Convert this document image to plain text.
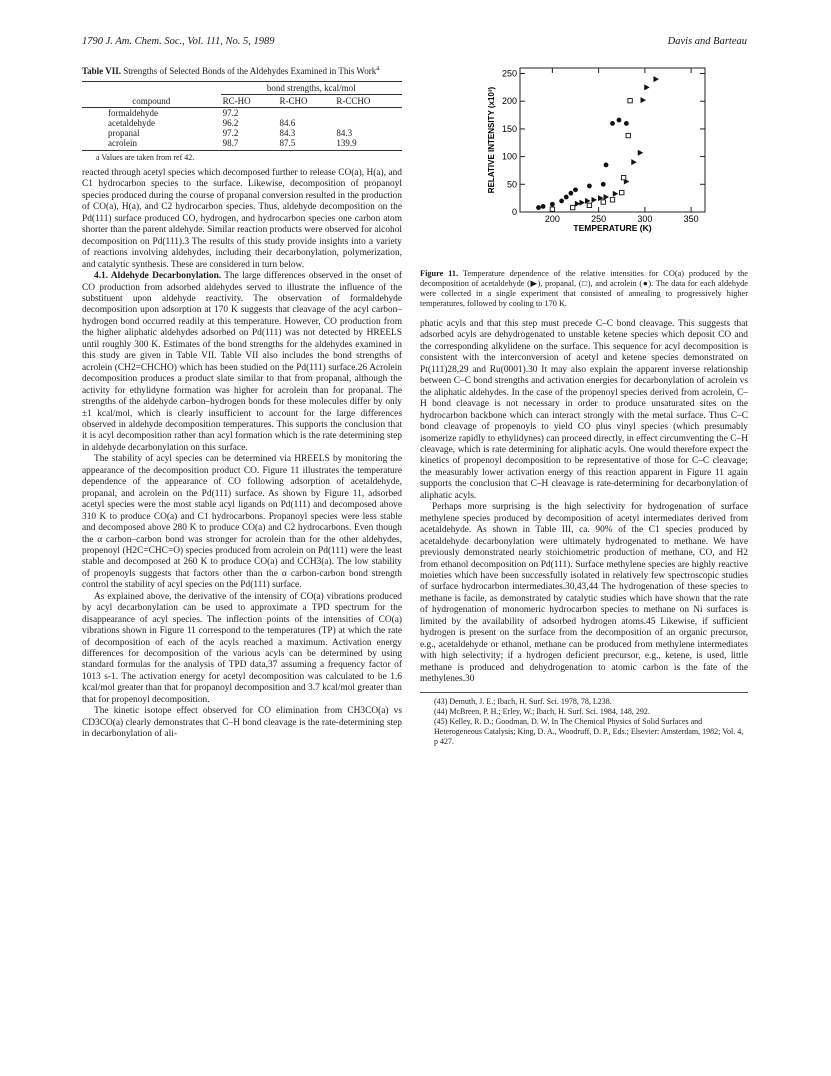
1790 J. Am. Chem. Soc., Vol. 111, No. 5, 1989	Davis and Barteau
Table VII. Strengths of Selected Bonds of the Aldehydes Examined in This Work$^a$
	bond strengths, kcal/mol		
compound	RC-HO	R-CHO	R-CCHO
formaldehyde	97.2		
acetaldehyde	96.2	84.6	
propanal	97.2	84.3	84.3
acrolein	98.7	87.5	139.9

a Values are taken from ref 42.

reacted through acetyl species which decomposed further to release CO(a), H(a), and C1 hydrocarbon species to the surface. Likewise, decomposition of propanoyl species produced during the course of propanal conversion resulted in the production of CO(a), H(a), and C2 hydrocarbon species. Thus, aldehyde decomposition on the Pd(111) surface produced CO, hydrogen, and hydrocarbon species one carbon atom shorter than the parent aldehyde. Similar reaction products were observed for alcohol decomposition on Pd(111).3 The results of this study provide insights into a variety of reactions involving aldehydes, including their decarbonylation, polymerization, and catalytic synthesis. These are considered in turn below.

4.1. Aldehyde Decarbonylation. The large differences observed in the onset of CO production from adsorbed aldehydes served to illustrate the influence of the substituent upon aldehyde reactivity. The observation of formaldehyde decomposition upon adsorption at 170 K suggests that cleavage of the acyl carbon–hydrogen bond occurred readily at this temperature. However, CO production from the higher aliphatic aldehydes adsorbed on Pd(111) was not detected by HREELS until roughly 300 K. Estimates of the bond strengths for the aldehydes examined in this study are given in Table VII. Table VII also includes the bond strengths of acrolein (CH2=CHCHO) which has been studied on the Pd(111) surface.26 Acrolein decomposition produces a product slate similar to that from propanal, although the activity for ethylidyne formation was higher for acrolein than for propanal. The strengths of the aldehyde carbon–hydrogen bonds for these molecules differ by only ±1 kcal/mol, which is clearly insufficient to account for the large differences observed in aldehyde decomposition temperatures. This supports the conclusion that it is acyl decomposition rather than acyl formation which is the rate determining step in aldehyde decarbonylation on this surface.

The stability of acyl species can be determined via HREELS by monitoring the appearance of the decomposition product CO. Figure 11 illustrates the temperature dependence of the appearance of CO following adsorption of acetaldehyde, propanal, and acrolein on the Pd(111) surface. As shown by Figure 11, adsorbed acetyl species were the most stable acyl ligands on Pd(111) and decomposed above 310 K to produce CO(a) and C1 hydrocarbons. Propanoyl species were less stable and decomposed above 280 K to produce CO(a) and C2 hydrocarbons. Even though the α carbon–carbon bond was stronger for acrolein than for the other aldehydes, propenoyl (H2C=CHC=O) species produced from acrolein on Pd(111) were the least stable and decomposed at 260 K to produce CO(a) and CCH3(a). The low stability of propenoyls suggests that factors other than the α carbon-carbon bond strength control the stability of acyl species on the Pd(111) surface.

As explained above, the derivative of the intensity of CO(a) vibrations produced by acyl decarbonylation can be used to approximate a TPD spectrum for the disappearance of acyl species. The inflection points of the intensities of CO(a) vibrations shown in Figure 11 correspond to the temperatures (TP) at which the rate of decomposition of each of the acyls reached a maximum. Activation energy differences for decomposition of the various acyls can be determined by using standard formulas for the analysis of TPD data,37 assuming a frequency factor of 1013 s-1. The activation energy for acetyl decomposition was calculated to be 1.6 kcal/mol greater than that for propanoyl decomposition and 3.7 kcal/mol greater than that for propenoyl decomposition.

The kinetic isotope effect observed for CO elimination from CH3CO(a) vs CD3CO(a) clearly demonstrates that C–H bond cleavage is the rate-determining step in decarbonylation of ali-

200	250	300	350
0
50
100
150
200
250
TEMPERATURE (K)
RELATIVE INTENSITY (x10³)
Figure 11. Temperature dependence of the relative intensities for CO(a) produced by the decomposition of acetaldehyde (▶), propanal, (□), and acrolein (●). The data for each aldehyde were collected in a single experiment that consisted of annealing to progressively higher temperatures, followed by cooling to 170 K.

phatic acyls and that this step must precede C–C bond cleavage. This suggests that adsorbed acyls are dehydrogenated to unstable ketene species which deposit CO and the corresponding alkylidene on the surface. This sequence for acyl decomposition is consistent with the interconversion of acetyl and ketene species demonstrated on Pt(111)28,29 and Ru(0001).30 It may also explain the apparent inverse relationship between C–C bond strengths and activation energies for decarbonylation of acrolein vs the aliphatic aldehydes. In the case of the propenoyl species derived from acrolein, C–H bond cleavage is not necessary in order to produce unsaturated sites on the hydrocarbon backbone which can interact strongly with the metal surface. Thus C–C bond cleavage of propenoyls to yield CO plus vinyl species (which presumably isomerize rapidly to ethylidynes) can proceed directly, in effect circumventing the C–H cleavage, which is rate determining for aliphatic acyls. One would therefore expect the kinetics of propenoyl decomposition to be representative of those for C–C cleavage; the measurably lower activation energy of this reaction apparent in Figure 11 again supports the conclusion that C–H cleavage is rate-determining for decarbonylation of aliphatic acyls.

Perhaps more surprising is the high selectivity for hydrogenation of surface methylene species produced by decomposition of acetyl intermediates derived from acetaldehyde. As shown in Table III, ca. 90% of the C1 species produced by acetaldehyde decarbonylation were ultimately hydrogenated to methane. We have previously demonstrated nearly stoichiometric production of methane, CO, and H2 from ethanol decomposition on Pd(111). Surface methylene species are highly reactive moieties which have been successfully isolated in relatively few spectroscopic studies of surface hydrocarbon intermediates.30,43,44 The hydrogenation of these species to methane is facile, as demonstrated by catalytic studies which have shown that the rate of hydrogenation of monomeric hydrocarbon species to methane on Ni surfaces is limited by the availability of adsorbed hydrogen atoms.45 Likewise, if sufficient hydrogen is present on the surface from the decomposition of an organic precursor, e.g., acetaldehyde or ethanol, methane can be produced from methylene intermediates with high selectivity; if a hydrogen deficient precursor, e.g., ketene, is used, little methane is produced and dehydrogenation to atomic carbon is the fate of the methylenes.30

(43) Demuth, J. E.; Ibach, H. Surf. Sci. 1978, 78, L238.
(44) McBreen, P. H.; Erley, W.; Ibach, H. Surf. Sci. 1984, 148, 292.
(45) Kelley, R. D.; Goodman, D. W. In The Chemical Physics of Solid Surfaces and Heterogeneous Catalysis; King, D. A., Woodruff, D. P., Eds.; Elsevier: Amsterdam, 1982; Vol. 4, p 427.
